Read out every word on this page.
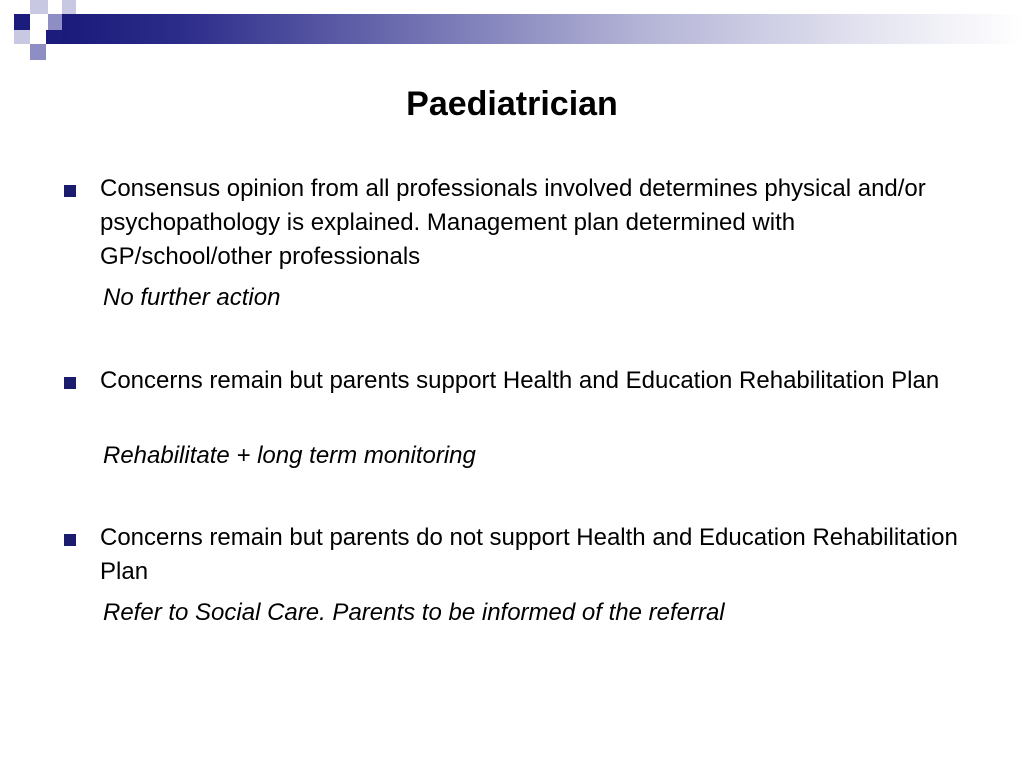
Paediatrician
Consensus opinion from all professionals involved determines physical and/or psychopathology is explained. Management plan determined with GP/school/other professionals
No further action
Concerns remain but parents support Health and Education Rehabilitation Plan
Rehabilitate + long term monitoring
Concerns remain but parents do not support Health and Education Rehabilitation Plan
Refer to Social Care. Parents to be informed of the referral
